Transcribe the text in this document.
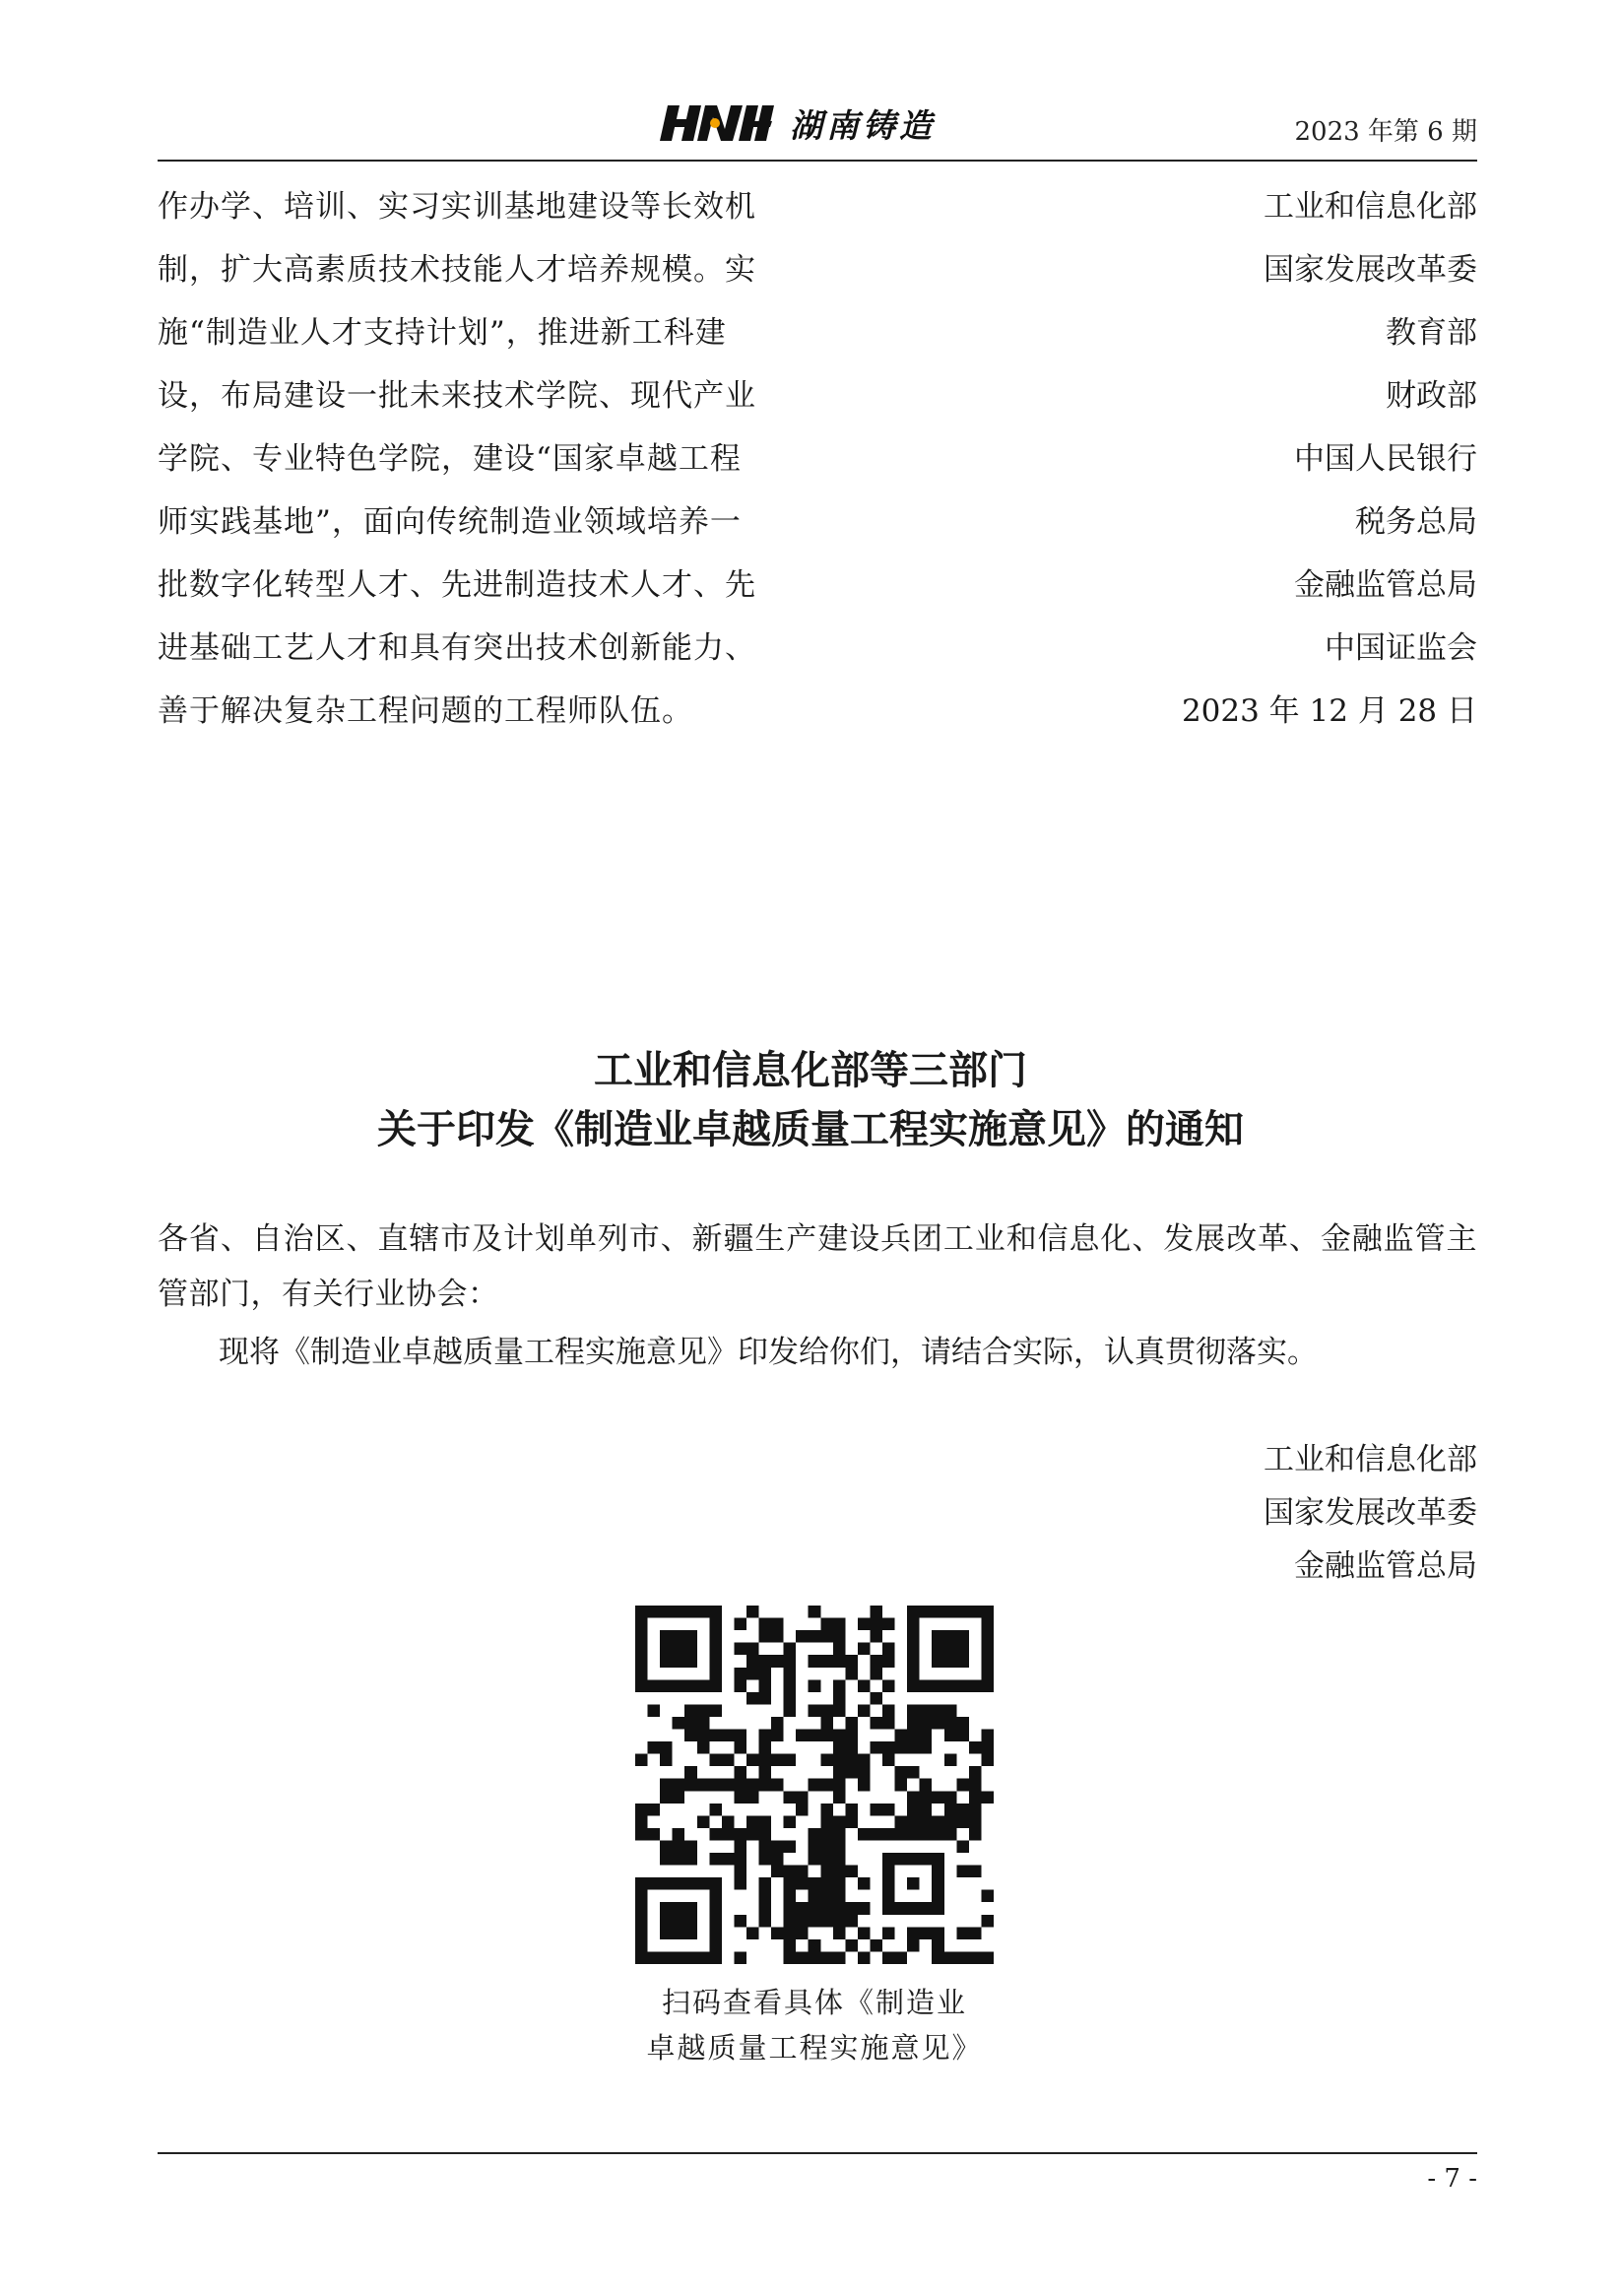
湖南铸造	2023 年第 6 期
作办学、培训、实习实训基地建设等长效机
制，扩大高素质技术技能人才培养规模。实
施“制造业人才支持计划”，推进新工科建
设，布局建设一批未来技术学院、现代产业
学院、专业特色学院，建设“国家卓越工程
师实践基地”，面向传统制造业领域培养一
批数字化转型人才、先进制造技术人才、先
进基础工艺人才和具有突出技术创新能力、
善于解决复杂工程问题的工程师队伍。
工业和信息化部
国家发展改革委
教育部
财政部
中国人民银行
税务总局
金融监管总局
中国证监会
2023 年 12 月 28 日
工业和信息化部等三部门
关于印发《制造业卓越质量工程实施意见》的通知
各省、自治区、直辖市及计划单列市、新疆生产建设兵团工业和信息化、发展改革、金融监管主管部门，有关行业协会：
现将《制造业卓越质量工程实施意见》印发给你们，请结合实际，认真贯彻落实。
工业和信息化部
国家发展改革委
金融监管总局
扫码查看具体《制造业
卓越质量工程实施意见》
- 7 -
